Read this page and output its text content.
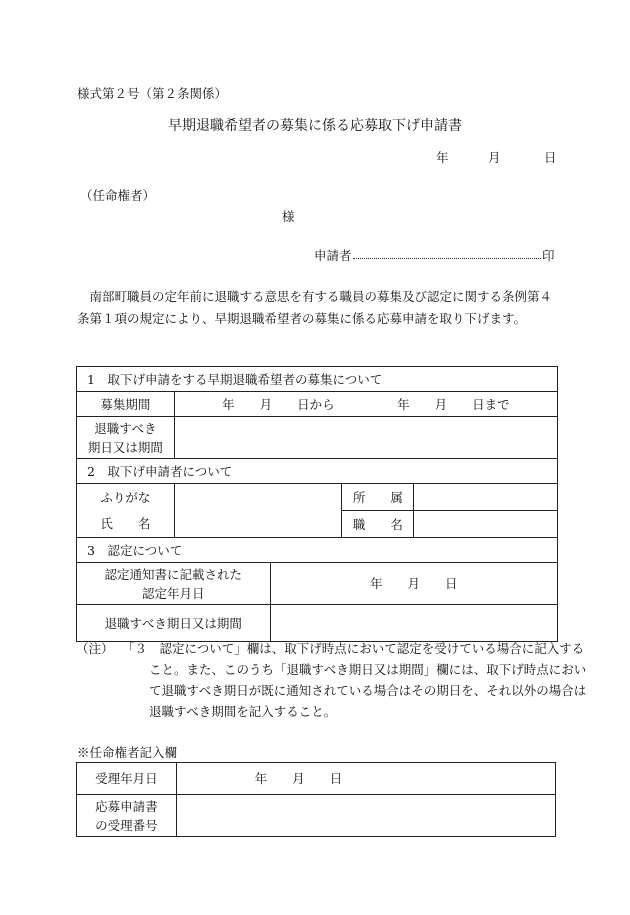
様式第２号（第２条関係）
早期退職希望者の募集に係る応募取下げ申請書
年	月	日
（任命権者）
様
申請者	印
南部町職員の定年前に退職する意思を有する職員の募集及び認定に関する条例第４条第１項の規定により、早期退職希望者の募集に係る応募申請を取り下げます。
1　取下げ申請をする早期退職希望者の募集について				
募集期間	年　　月　　日から　　　　　年　　月　　日まで			

退職すべき
期日又は期間				

2　取下げ申請者について				

ふりがな
氏　　名			所　　属	
			職　　名	
3　認定について				

認定通知書に記載された
認定年月日		年　　月　　日		
退職すべき期日又は期間				
（注） 「３　認定について」欄は、取下げ時点において認定を受けている場合に記入すること。また、このうち「退職すべき期日又は期間」欄には、取下げ時点において退職すべき期日が既に通知されている場合はその期日を、それ以外の場合は退職すべき期間を記入すること。
※任命権者記入欄
受理年月日	年　　月　　日

応募申請書
の受理番号	
